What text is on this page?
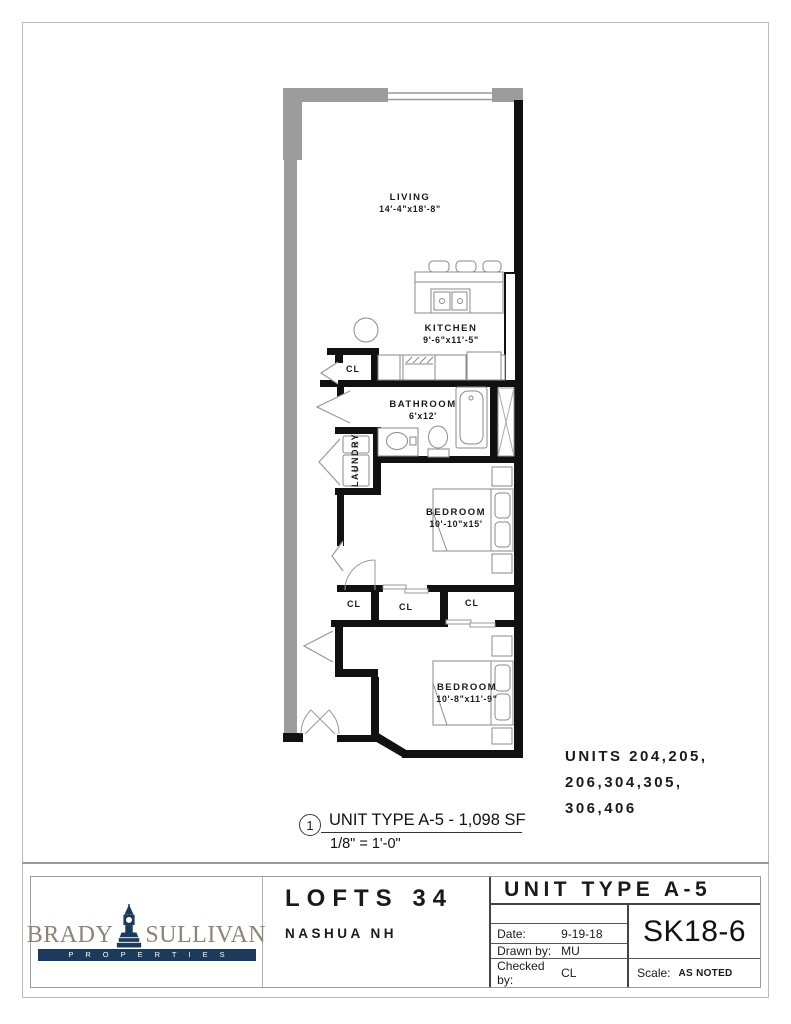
LIVING
14'-4"x18'-8"
KITCHEN
9'-6"x11'-5"
BATHROOM
6'x12'
BEDROOM
10'-10"x15'
BEDROOM
10'-8"x11'-9"
LAUNDRY
CL
CL	CL	CL
UNITS 204,205,
206,304,305,
306,406
1 UNIT TYPE A-5 - 1,098 SF
1/8" = 1'-0"
BRADY SULLIVAN
PROPERTIES
LOFTS 34
NASHUA NH
UNIT TYPE A-5
Date:	9-19-18
Drawn by: MU
Checked by:	CL
SK18-6
Scale: AS NOTED
